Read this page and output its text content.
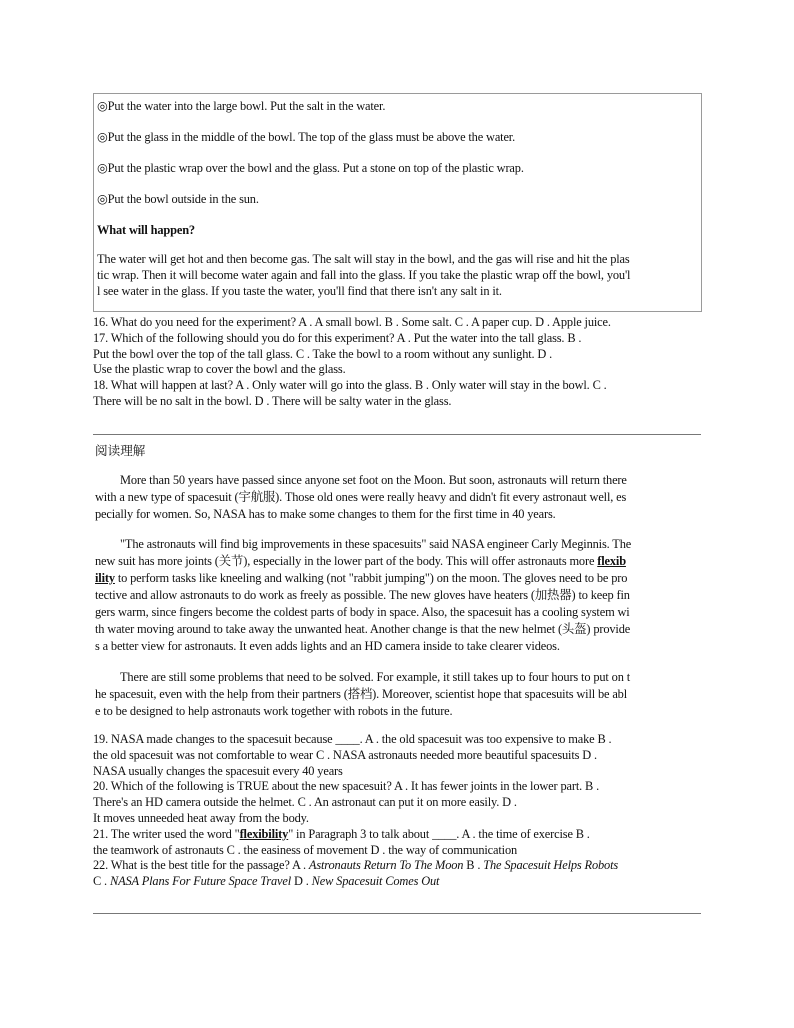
◎Put the water into the large bowl. Put the salt in the water.
◎Put the glass in the middle of the bowl. The top of the glass must be above the water.
◎Put the plastic wrap over the bowl and the glass. Put a stone on top of the plastic wrap.
◎Put the bowl outside in the sun.
What will happen?
The water will get hot and then become gas. The salt will stay in the bowl, and the gas will rise and hit the plas
tic wrap. Then it will become water again and fall into the glass. If you take the plastic wrap off the bowl, you'l
l see water in the glass. If you taste the water, you'll find that there isn't any salt in it.
16. What do you need for the experiment? A . A small bowl. B . Some salt. C . A paper cup. D . Apple juice.
17. Which of the following should you do for this experiment? A . Put the water into the tall glass. B .
Put the bowl over the top of the tall glass. C . Take the bowl to a room without any sunlight. D .
Use the plastic wrap to cover the bowl and the glass.
18. What will happen at last? A . Only water will go into the glass. B . Only water will stay in the bowl. C .
There will be no salt in the bowl. D . There will be salty water in the glass.
阅读理解
More than 50 years have passed since anyone set foot on the Moon. But soon, astronauts will return there
with a new type of spacesuit (宇航服). Those old ones were really heavy and didn't fit every astronaut well, es
pecially for women. So, NASA has to make some changes to them for the first time in 40 years.
"The astronauts will find big improvements in these spacesuits" said NASA engineer Carly Meginnis. The
new suit has more joints (关节), especially in the lower part of the body. This will offer astronauts more flexib
ility to perform tasks like kneeling and walking (not "rabbit jumping") on the moon. The gloves need to be pro
tective and allow astronauts to do work as freely as possible. The new gloves have heaters (加热器) to keep fin
gers warm, since fingers become the coldest parts of body in space. Also, the spacesuit has a cooling system wi
th water moving around to take away the unwanted heat. Another change is that the new helmet (头盔) provide
s a better view for astronauts. It even adds lights and an HD camera inside to take clearer videos.
There are still some problems that need to be solved. For example, it still takes up to four hours to put on t
he spacesuit, even with the help from their partners (搭档). Moreover, scientist hope that spacesuits will be abl
e to be designed to help astronauts work together with robots in the future.
19. NASA made changes to the spacesuit because ____. A . the old spacesuit was too expensive to make B .
the old spacesuit was not comfortable to wear C . NASA astronauts needed more beautiful spacesuits D .
NASA usually changes the spacesuit every 40 years
20. Which of the following is TRUE about the new spacesuit? A . It has fewer joints in the lower part. B .
There's an HD camera outside the helmet. C . An astronaut can put it on more easily. D .
It moves unneeded heat away from the body.
21. The writer used the word "flexibility" in Paragraph 3 to talk about ____. A . the time of exercise B .
the teamwork of astronauts C . the easiness of movement D . the way of communication
22. What is the best title for the passage? A . Astronauts Return To The Moon B . The Spacesuit Helps Robots
C . NASA Plans For Future Space Travel D . New Spacesuit Comes Out
